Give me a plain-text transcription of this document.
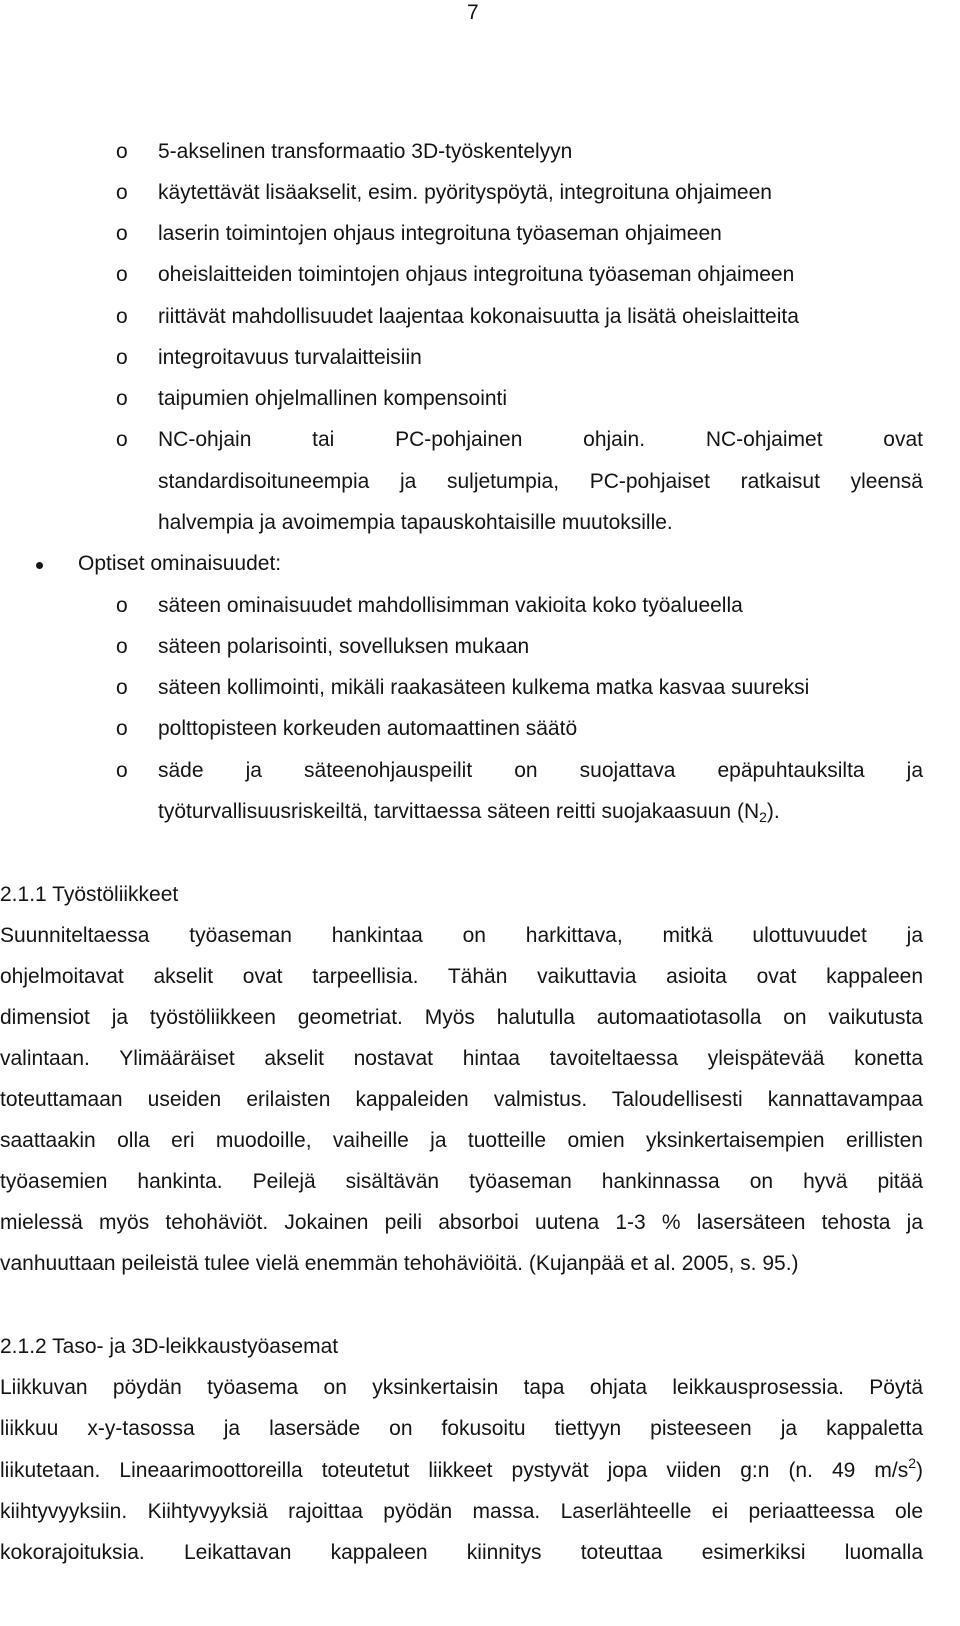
7
o 5-akselinen transformaatio 3D-työskentelyyn
o käytettävät lisäakselit, esim. pyörityspöytä, integroituna ohjaimeen
o laserin toimintojen ohjaus integroituna työaseman ohjaimeen
o oheislaitteiden toimintojen ohjaus integroituna työaseman ohjaimeen
o riittävät mahdollisuudet laajentaa kokonaisuutta ja lisätä oheislaitteita
o integroitavuus turvalaitteisiin
o taipumien ohjelmallinen kompensointi
o NC-ohjain tai PC-pohjainen ohjain. NC-ohjaimet ovat
standardisoituneempia ja suljetumpia, PC-pohjaiset ratkaisut yleensä
halvempia ja avoimempia tapauskohtaisille muutoksille.
Optiset ominaisuudet:
o säteen ominaisuudet mahdollisimman vakioita koko työalueella
o säteen polarisointi, sovelluksen mukaan
o säteen kollimointi, mikäli raakasäteen kulkema matka kasvaa suureksi
o polttopisteen korkeuden automaattinen säätö
o säde ja säteenohjauspeilit on suojattava epäpuhtauksilta ja
työturvallisuusriskeiltä, tarvittaessa säteen reitti suojakaasuun $(N_2)$.
2.1.1 Työstöliikkeet
Suunniteltaessa työaseman hankintaa on harkittava, mitkä ulottuvuudet ja
ohjelmoitavat akselit ovat tarpeellisia. Tähän vaikuttavia asioita ovat kappaleen
dimensiot ja työstöliikkeen geometriat. Myös halutulla automaatiotasolla on vaikutusta
valintaan. Ylimääräiset akselit nostavat hintaa tavoiteltaessa yleispätevää konetta
toteuttamaan useiden erilaisten kappaleiden valmistus. Taloudellisesti kannattavampaa
saattaakin olla eri muodoille, vaiheille ja tuotteille omien yksinkertaisempien erillisten
työasemien hankinta. Peilejä sisältävän työaseman hankinnassa on hyvä pitää
mielessä myös tehohäviöt. Jokainen peili absorboi uutena 1-3 % lasersäteen tehosta ja
vanhuuttaan peileistä tulee vielä enemmän tehohäviöitä. (Kujanpää et al. 2005, s. 95.)
2.1.2 Taso- ja 3D-leikkaustyöasemat
Liikkuvan pöydän työasema on yksinkertaisin tapa ohjata leikkausprosessia. Pöytä
liikkuu x-y-tasossa ja lasersäde on fokusoitu tiettyyn pisteeseen ja kappaletta
liikutetaan. Lineaarimoottoreilla toteutetut liikkeet pystyvät jopa viiden g:n (n. 49 $m/s^2$)
kiihtyvyyksiin. Kiihtyvyyksiä rajoittaa pyödän massa. Laserlähteelle ei periaatteessa ole
kokorajoituksia. Leikattavan kappaleen kiinnitys toteuttaa esimerkiksi luomalla
